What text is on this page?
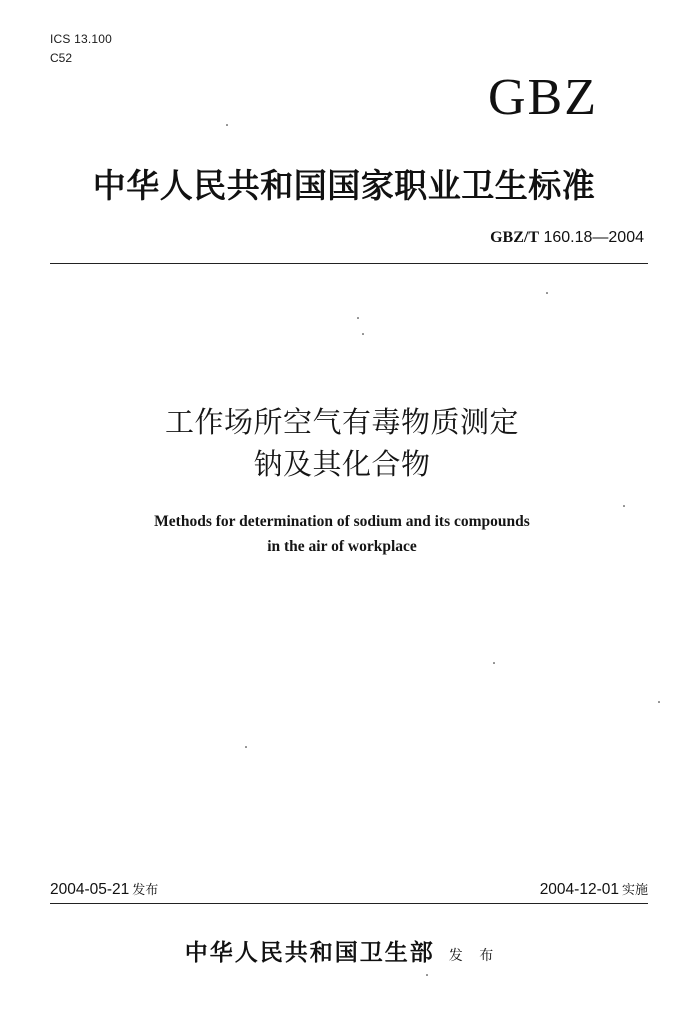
ICS 13.100
C52
GBZ
中华人民共和国国家职业卫生标准
GBZ/T 160.18—2004
工作场所空气有毒物质测定
钠及其化合物
Methods for determination of sodium and its compounds
in the air of workplace
2004-05-21 发布	2004-12-01 实施
中华人民共和国卫生部 发 布
